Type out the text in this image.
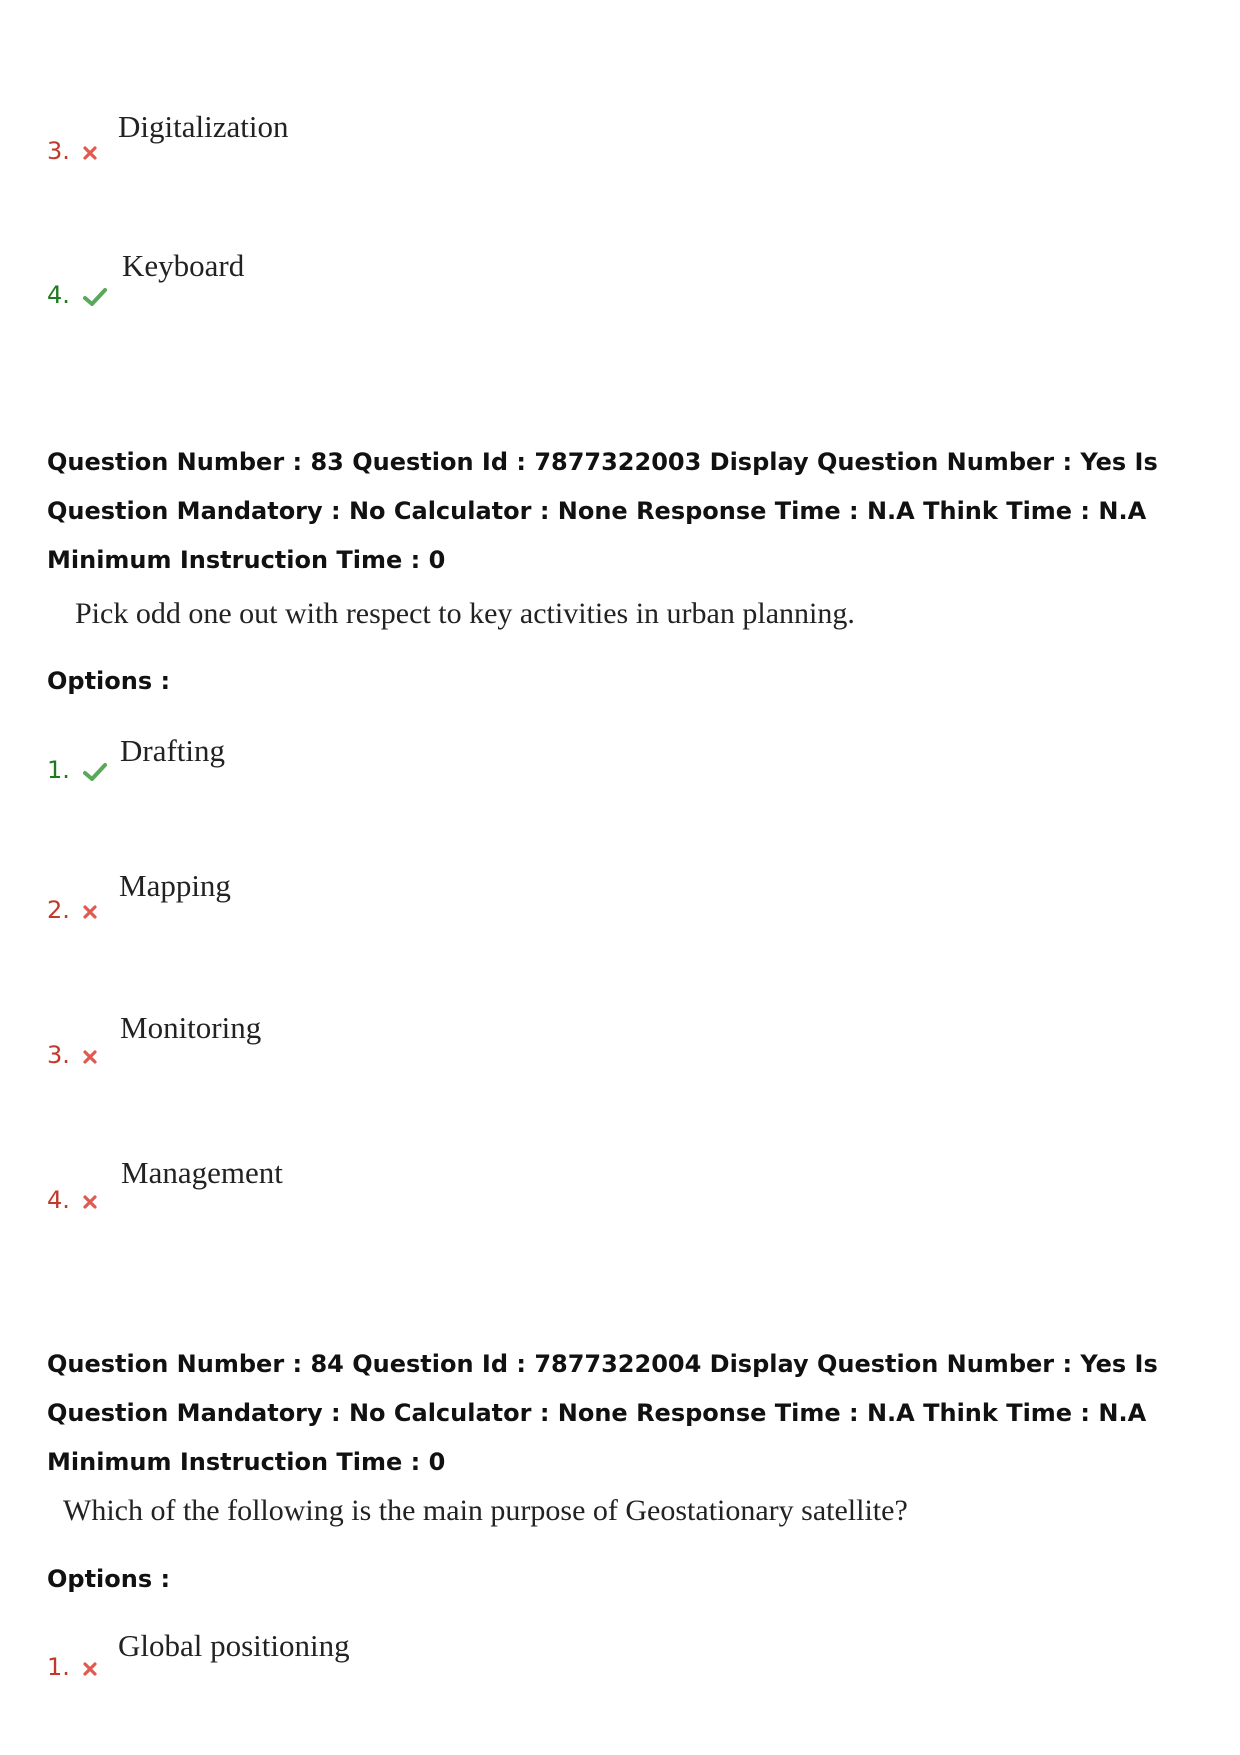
3.
Digitalization
4.
Keyboard

Question Number : 83 Question Id : 7877322003 Display Question Number : Yes Is Question Mandatory : No Calculator : None Response Time : N.A Think Time : N.A Minimum Instruction Time : 0

Pick odd one out with respect to key activities in urban planning.
Options :
1.
Drafting
2.
Mapping
3.
Monitoring
4.
Management

Question Number : 84 Question Id : 7877322004 Display Question Number : Yes Is Question Mandatory : No Calculator : None Response Time : N.A Think Time : N.A Minimum Instruction Time : 0

Which of the following is the main purpose of Geostationary satellite?
Options :
1.
Global positioning
